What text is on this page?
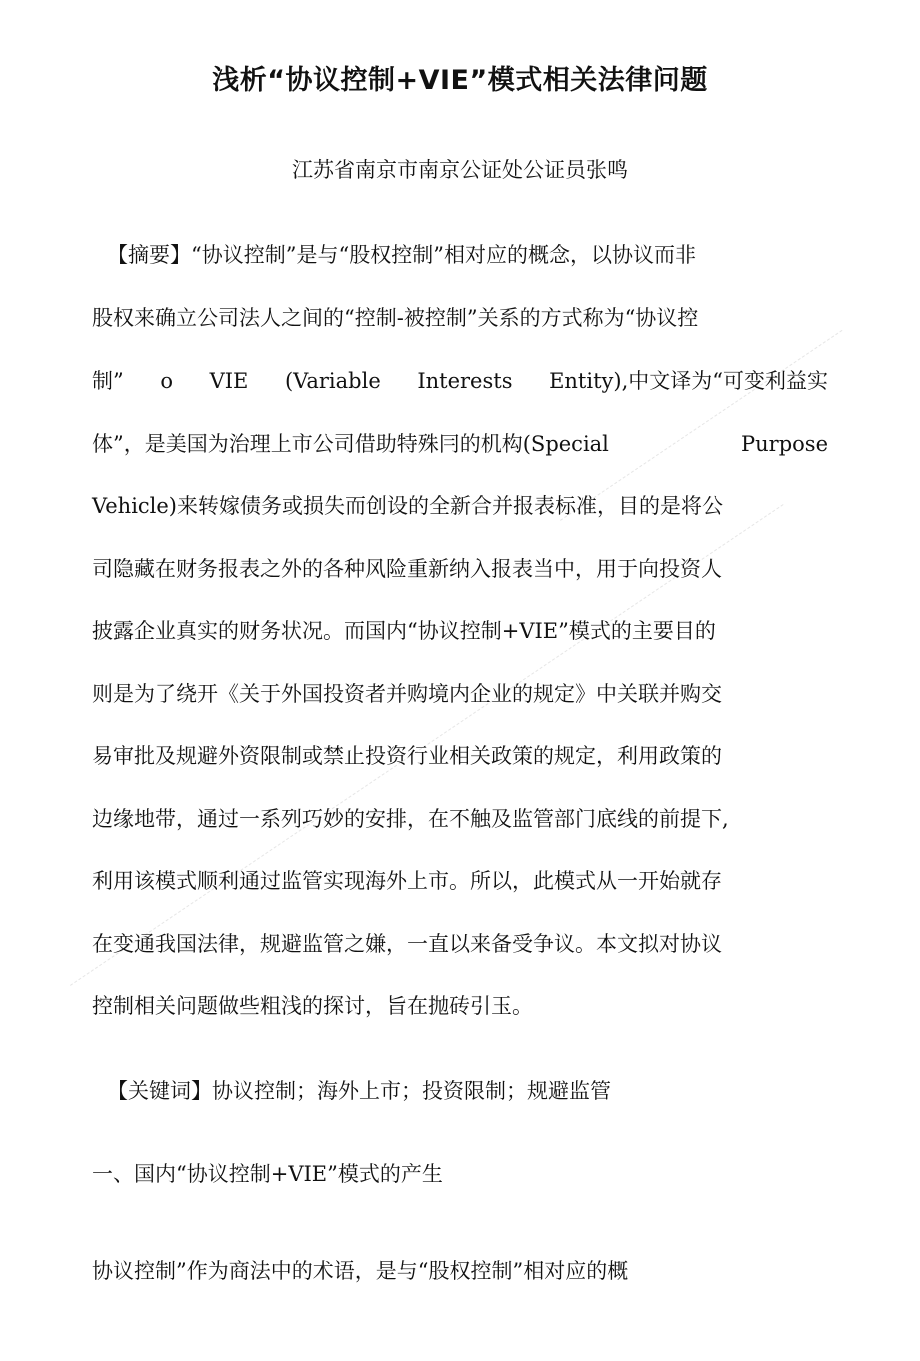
浅析“协议控制+VIE”模式相关法律问题

江苏省南京市南京公证处公证员张鸣

【摘要】“协议控制”是与“股权控制”相对应的概念，以协议而非

股权来确立公司法人之间的“控制-被控制”关系的方式称为“协议控

制” o VIE (Variable Interests Entity),中文译为“可变利益实

体”，是美国为治理上市公司借助特殊冃的机构(Special	Purpose

Vehicle)来转嫁债务或损失而创设的全新合并报表标准，目的是将公

司隐藏在财务报表之外的各种风险重新纳入报表当中，用于向投资人

披露企业真实的财务状况。而国内“协议控制+VIE”模式的主要目的

则是为了绕开《关于外国投资者并购境内企业的规定》中关联并购交

易审批及规避外资限制或禁止投资行业相关政策的规定，利用政策的

边缘地带，通过一系列巧妙的安排，在不触及监管部门底线的前提下,

利用该模式顺利通过监管实现海外上市。所以，此模式从一开始就存

在变通我国法律，规避监管之嫌，一直以来备受争议。本文拟对协议

控制相关问题做些粗浅的探讨，旨在抛砖引玉。

【关键词】协议控制；海外上市；投资限制；规避监管

一、国内“协议控制+VIE”模式的产生

协议控制”作为商法中的术语，是与“股权控制”相对应的概
